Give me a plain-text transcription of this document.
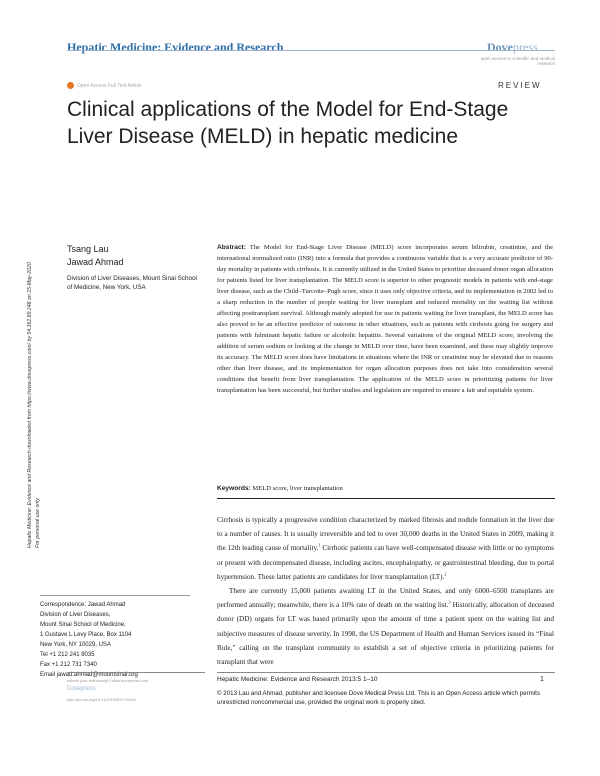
Hepatic Medicine: Evidence and Research	Dovepress
open access to scientific and medical research
Open Access Full Text Article	REVIEW
Clinical applications of the Model for End-Stage Liver Disease (MELD) in hepatic medicine
Tsang Lau
Jawad Ahmad
Division of Liver Diseases, Mount Sinai School of Medicine, New York, USA
Abstract: The Model for End-Stage Liver Disease (MELD) score incorporates serum bilirubin, creatinine, and the international normalized ratio (INR) into a formula that provides a continuous variable that is a very accurate predictor of 90-day mortality in patients with cirrhosis. It is currently utilized in the United States to prioritize deceased donor organ allocation for patients listed for liver transplantation. The MELD score is superior to other prognostic models in patients with end-stage liver disease, such as the Child–Turcotte–Pugh score, since it uses only objective criteria, and its implementation in 2002 led to a sharp reduction in the number of people waiting for liver transplant and reduced mortality on the waiting list without affecting posttransplant survival. Although mainly adopted for use in patients waiting for liver transplant, the MELD score has also proved to be an effective predictor of outcome in other situations, such as patients with cirrhosis going for surgery and patients with fulminant hepatic failure or alcoholic hepatitis. Several variations of the original MELD score, involving the addition of serum sodium or looking at the change in MELD over time, have been examined, and these may slightly improve its accuracy. The MELD score does have limitations in situations where the INR or creatinine may be elevated due to reasons other than liver disease, and its implementation for organ allocation purposes does not take into consideration several conditions that benefit from liver transplantation. The application of the MELD score in prioritizing patients for liver transplantation has been successful, but further studies and legislation are required to ensure a fair and equitable system.
Keywords: MELD score, liver transplantation

Cirrhosis is typically a progressive condition characterized by marked fibrosis and nodule formation in the liver due to a number of causes. It is usually irreversible and led to over 30,000 deaths in the United States in 2009, making it the 12th leading cause of mortality.$^1$ Cirrhotic patients can have well-compensated disease with little or no symptoms or present with decompensated disease, including ascites, encephalopathy, or gastrointestinal bleeding, due to portal hypertension. These latter patients are candidates for liver transplantation (LT).$^2$

There are currently 15,000 patients awaiting LT in the United States, and only 6000–6500 transplants are performed annually; meanwhile, there is a 10% rate of death on the waiting list.$^3$ Historically, allocation of deceased donor (DD) organs for LT was based primarily upon the amount of time a patient spent on the waiting list and subjective measures of disease severity. In 1998, the US Department of Health and Human Services issued its “Final Rule,” calling on the transplant community to establish a set of objective criteria in prioritizing patients for transplant that were

Correspondence: Jawad Ahmad
Division of Liver Diseases,
Mount Sinai School of Medicine,
1 Gustave L Levy Place, Box 1104
New York, NY 10029, USA
Tel +1 212 241 8035
Fax +1 212 731 7340
Email jawad.ahmad@mountsinai.org
Hepatic Medicine: Evidence and Research downloaded from https://www.dovepress.com/ by 54.162.89.248 on 25-May-2020 For personal use only.
submit your manuscript | www.dovepress.com
Dovepress
http://dx.doi.org/10.2147/HMER.S9449
Hepatic Medicine: Evidence and Research 2013:5 1–10	1
© 2013 Lau and Ahmad, publisher and licensee Dove Medical Press Ltd. This is an Open Access article which permits unrestricted noncommercial use, provided the original work is properly cited.
